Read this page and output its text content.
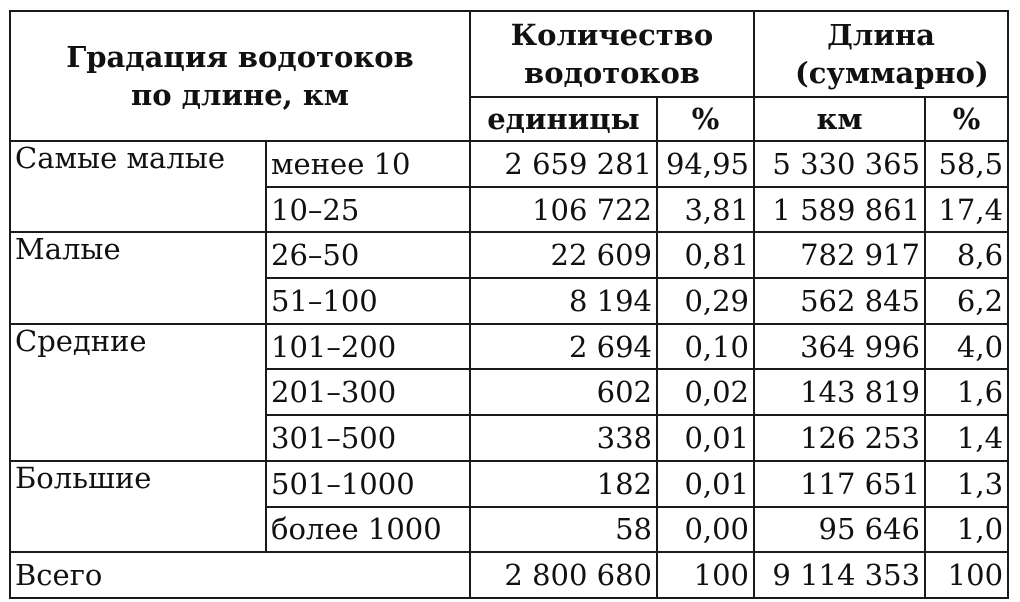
Градация водотоков по длине, км		Количество водотоков		Длина (суммарно)	
		единицы	%	км	%
Самые малые	менее 10	2 659 281	94,95	5 330 365	58,5
	10–25	106 722	3,81	1 589 861	17,4
Малые	26–50	22 609	0,81	782 917	8,6
	51–100	8 194	0,29	562 845	6,2
Средние	101–200	2 694	0,10	364 996	4,0
	201–300	602	0,02	143 819	1,6
	301–500	338	0,01	126 253	1,4
Большие	501–1000	182	0,01	117 651	1,3
	более 1000	58	0,00	95 646	1,0
Всего		2 800 680	100	9 114 353	100
